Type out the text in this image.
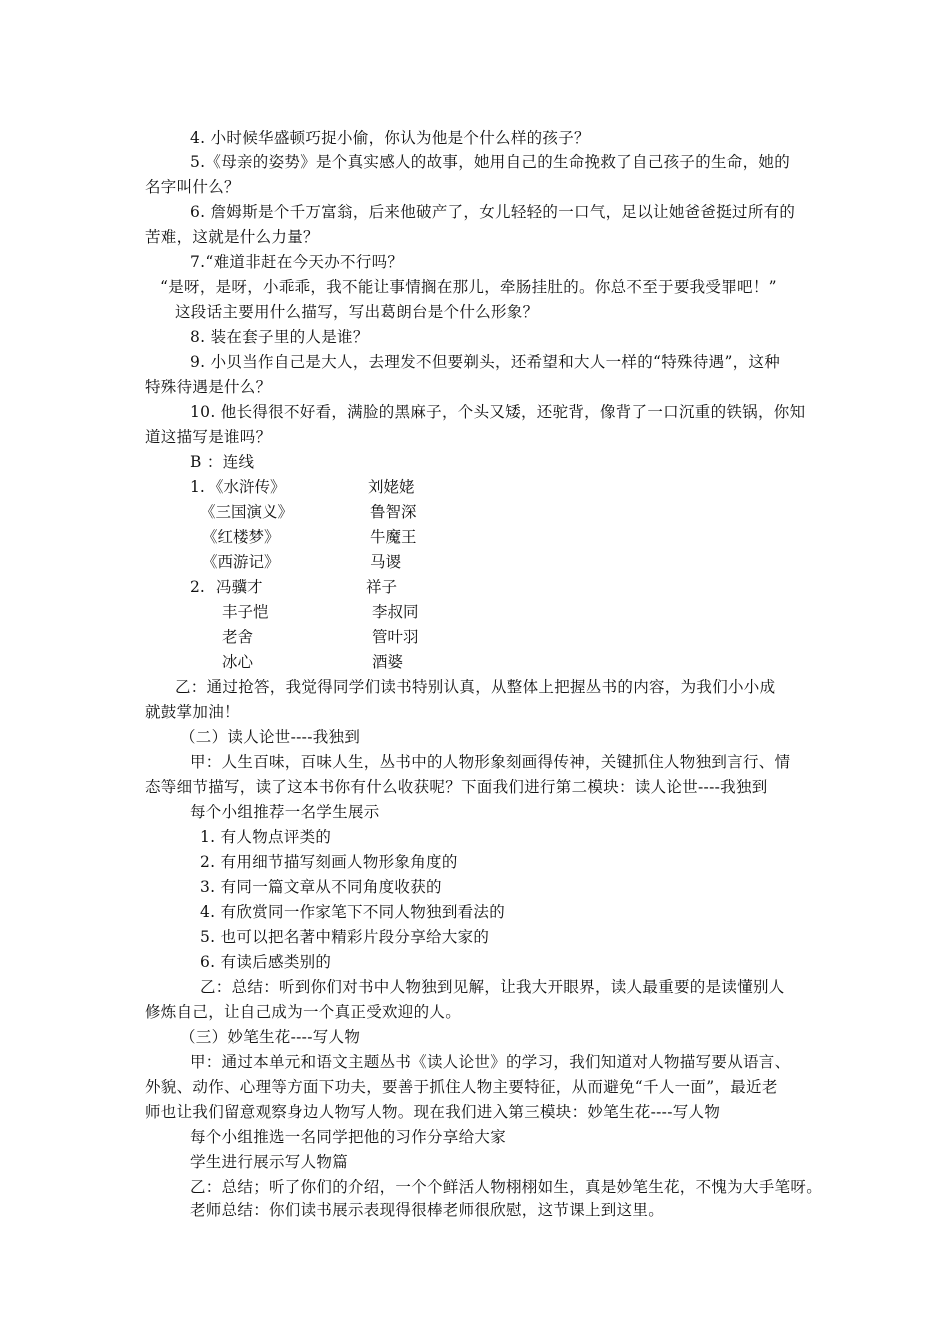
4. 小时候华盛顿巧捉小偷，你认为他是个什么样的孩子？
5.《母亲的姿势》是个真实感人的故事，她用自己的生命挽救了自己孩子的生命，她的
名字叫什么？
6. 詹姆斯是个千万富翁，后来他破产了，女儿轻轻的一口气，足以让她爸爸挺过所有的
苦难，这就是什么力量？
7.“难道非赶在今天办不行吗？
“是呀，是呀，小乖乖，我不能让事情搁在那儿，牵肠挂肚的。你总不至于要我受罪吧！”
这段话主要用什么描写，写出葛朗台是个什么形象？
8. 装在套子里的人是谁？
9. 小贝当作自己是大人，去理发不但要剃头，还希望和大人一样的“特殊待遇”，这种
特殊待遇是什么？
10. 他长得很不好看，满脸的黑麻子，个头又矮，还驼背，像背了一口沉重的铁锅，你知
道这描写是谁吗？
B ：连线
1. 《水浒传》	刘姥姥
《三国演义》	鲁智深
《红楼梦》	牛魔王
《西游记》	马谡
2. 冯骥才	祥子
丰子恺	李叔同
老舍	管叶羽
冰心	酒婆
乙：通过抢答，我觉得同学们读书特别认真，从整体上把握丛书的内容，为我们小小成
就鼓掌加油！
（二）读人论世----我独到
甲：人生百味，百味人生，丛书中的人物形象刻画得传神，关键抓住人物独到言行、情
态等细节描写，读了这本书你有什么收获呢？下面我们进行第二模块：读人论世----我独到
每个小组推荐一名学生展示
1. 有人物点评类的
2. 有用细节描写刻画人物形象角度的
3. 有同一篇文章从不同角度收获的
4. 有欣赏同一作家笔下不同人物独到看法的
5. 也可以把名著中精彩片段分享给大家的
6. 有读后感类别的
乙：总结：听到你们对书中人物独到见解，让我大开眼界，读人最重要的是读懂别人
修炼自己，让自己成为一个真正受欢迎的人。
（三）妙笔生花----写人物
甲：通过本单元和语文主题丛书《读人论世》的学习，我们知道对人物描写要从语言、
外貌、动作、心理等方面下功夫，要善于抓住人物主要特征，从而避免“千人一面”，最近老
师也让我们留意观察身边人物写人物。现在我们进入第三模块：妙笔生花----写人物
每个小组推选一名同学把他的习作分享给大家
学生进行展示写人物篇
乙：总结；听了你们的介绍，一个个鲜活人物栩栩如生，真是妙笔生花，不愧为大手笔呀。
老师总结：你们读书展示表现得很棒老师很欣慰，这节课上到这里。
